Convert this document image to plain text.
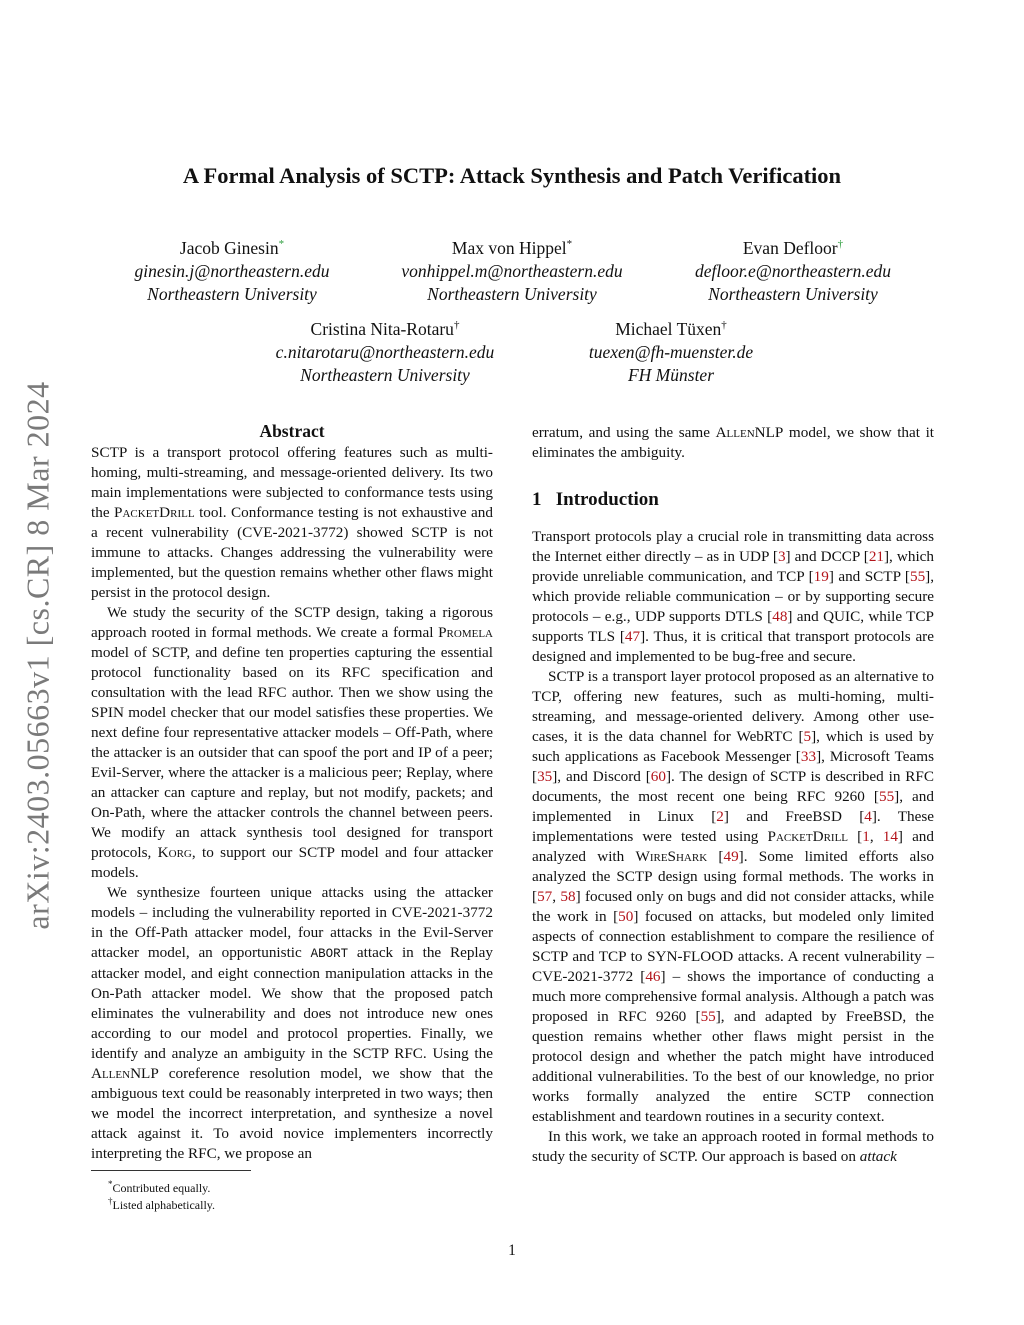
arXiv:2403.05663v1 [cs.CR] 8 Mar 2024
A Formal Analysis of SCTP: Attack Synthesis and Patch Verification
Jacob Ginesin*
ginesin.j@northeastern.edu
Northeastern University
Max von Hippel*
vonhippel.m@northeastern.edu
Northeastern University
Evan Defloor†
defloor.e@northeastern.edu
Northeastern University
Cristina Nita-Rotaru†
c.nitarotaru@northeastern.edu
Northeastern University
Michael Tüxen†
tuexen@fh-muenster.de
FH Münster
Abstract

SCTP is a transport protocol offering features such as multi-homing, multi-streaming, and message-oriented delivery. Its two main implementations were subjected to conformance tests using the PacketDrill tool. Conformance testing is not exhaustive and a recent vulnerability (CVE-2021-3772) showed SCTP is not immune to attacks. Changes addressing the vulnerability were implemented, but the question remains whether other flaws might persist in the protocol design.

We study the security of the SCTP design, taking a rigorous approach rooted in formal methods. We create a formal Promela model of SCTP, and define ten properties capturing the essential protocol functionality based on its RFC specification and consultation with the lead RFC author. Then we show using the SPIN model checker that our model satisfies these properties. We next define four representative attacker models – Off-Path, where the attacker is an outsider that can spoof the port and IP of a peer; Evil-Server, where the attacker is a malicious peer; Replay, where an attacker can capture and replay, but not modify, packets; and On-Path, where the attacker controls the channel between peers. We modify an attack synthesis tool designed for transport protocols, Korg, to support our SCTP model and four attacker models.

We synthesize fourteen unique attacks using the attacker models – including the vulnerability reported in CVE-2021-3772 in the Off-Path attacker model, four attacks in the Evil-Server attacker model, an opportunistic ABORT attack in the Replay attacker model, and eight connection manipulation attacks in the On-Path attacker model. We show that the proposed patch eliminates the vulnerability and does not introduce new ones according to our model and protocol properties. Finally, we identify and analyze an ambiguity in the SCTP RFC. Using the AllenNLP coreference resolution model, we show that the ambiguous text could be reasonably interpreted in two ways; then we model the incorrect interpretation, and synthesize a novel attack against it. To avoid novice implementers incorrectly interpreting the RFC, we propose an

*Contributed equally.
†Listed alphabetically.

erratum, and using the same AllenNLP model, we show that it eliminates the ambiguity.

1 Introduction

Transport protocols play a crucial role in transmitting data across the Internet either directly – as in UDP [3] and DCCP [21], which provide unreliable communication, and TCP [19] and SCTP [55], which provide reliable communication – or by supporting secure protocols – e.g., UDP supports DTLS [48] and QUIC, while TCP supports TLS [47]. Thus, it is critical that transport protocols are designed and implemented to be bug-free and secure.

SCTP is a transport layer protocol proposed as an alternative to TCP, offering new features, such as multi-homing, multi-streaming, and message-oriented delivery. Among other use-cases, it is the data channel for WebRTC [5], which is used by such applications as Facebook Messenger [33], Microsoft Teams [35], and Discord [60]. The design of SCTP is described in RFC documents, the most recent one being RFC 9260 [55], and implemented in Linux [2] and FreeBSD [4]. These implementations were tested using PacketDrill [1, 14] and analyzed with WireShark [49]. Some limited efforts also analyzed the SCTP design using formal methods. The works in [57, 58] focused only on bugs and did not consider attacks, while the work in [50] focused on attacks, but modeled only limited aspects of connection establishment to compare the resilience of SCTP and TCP to SYN-FLOOD attacks. A recent vulnerability – CVE-2021-3772 [46] – shows the importance of conducting a much more comprehensive formal analysis. Although a patch was proposed in RFC 9260 [55], and adapted by FreeBSD, the question remains whether other flaws might persist in the protocol design and whether the patch might have introduced additional vulnerabilities. To the best of our knowledge, no prior works formally analyzed the entire SCTP connection establishment and teardown routines in a security context.

In this work, we take an approach rooted in formal methods to study the security of SCTP. Our approach is based on attack

1
